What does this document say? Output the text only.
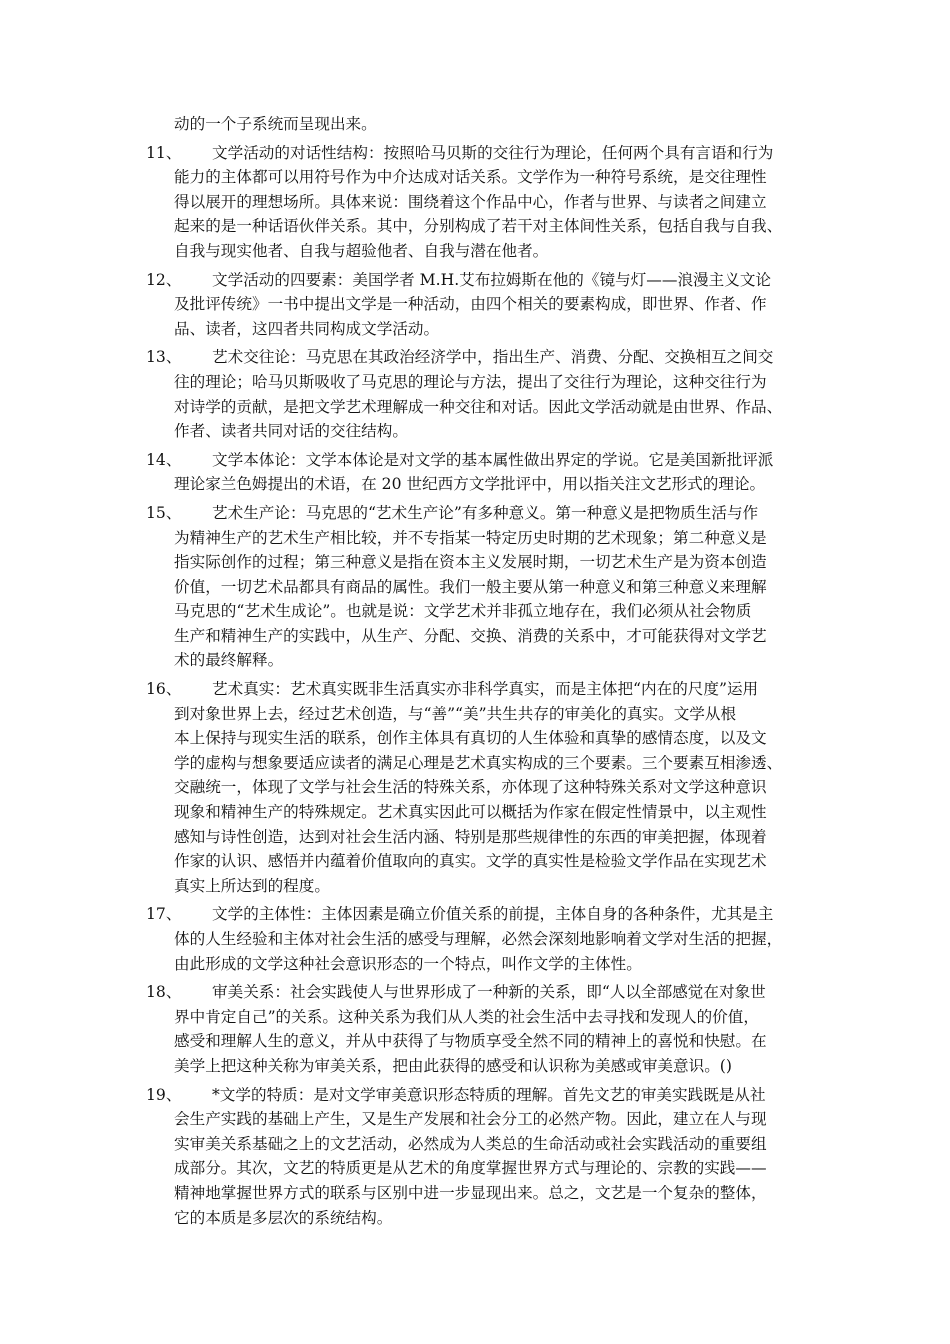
动的一个子系统而呈现出来。
11、 文学活动的对话性结构：按照哈马贝斯的交往行为理论，任何两个具有言语和行为
能力的主体都可以用符号作为中介达成对话关系。文学作为一种符号系统，是交往理性
得以展开的理想场所。具体来说：围绕着这个作品中心，作者与世界、与读者之间建立
起来的是一种话语伙伴关系。其中，分别构成了若干对主体间性关系，包括自我与自我、
自我与现实他者、自我与超验他者、自我与潜在他者。
12、 文学活动的四要素：美国学者 M.H.艾布拉姆斯在他的《镜与灯——浪漫主义文论
及批评传统》一书中提出文学是一种活动，由四个相关的要素构成，即世界、作者、作
品、读者，这四者共同构成文学活动。
13、 艺术交往论：马克思在其政治经济学中，指出生产、消费、分配、交换相互之间交
往的理论；哈马贝斯吸收了马克思的理论与方法，提出了交往行为理论，这种交往行为
对诗学的贡献，是把文学艺术理解成一种交往和对话。因此文学活动就是由世界、作品、
作者、读者共同对话的交往结构。
14、 文学本体论：文学本体论是对文学的基本属性做出界定的学说。它是美国新批评派
理论家兰色姆提出的术语，在 20 世纪西方文学批评中，用以指关注文艺形式的理论。
15、 艺术生产论：马克思的“艺术生产论”有多种意义。第一种意义是把物质生活与作
为精神生产的艺术生产相比较，并不专指某一特定历史时期的艺术现象；第二种意义是
指实际创作的过程；第三种意义是指在资本主义发展时期，一切艺术生产是为资本创造
价值，一切艺术品都具有商品的属性。我们一般主要从第一种意义和第三种意义来理解
马克思的“艺术生成论”。也就是说：文学艺术并非孤立地存在，我们必须从社会物质
生产和精神生产的实践中，从生产、分配、交换、消费的关系中，才可能获得对文学艺
术的最终解释。
16、 艺术真实：艺术真实既非生活真实亦非科学真实，而是主体把“内在的尺度”运用
到对象世界上去，经过艺术创造，与“善”“美”共生共存的审美化的真实。文学从根
本上保持与现实生活的联系，创作主体具有真切的人生体验和真挚的感情态度，以及文
学的虚构与想象要适应读者的满足心理是艺术真实构成的三个要素。三个要素互相渗透、
交融统一，体现了文学与社会生活的特殊关系，亦体现了这种特殊关系对文学这种意识
现象和精神生产的特殊规定。艺术真实因此可以概括为作家在假定性情景中，以主观性
感知与诗性创造，达到对社会生活内涵、特别是那些规律性的东西的审美把握，体现着
作家的认识、感悟并内蕴着价值取向的真实。文学的真实性是检验文学作品在实现艺术
真实上所达到的程度。
17、 文学的主体性：主体因素是确立价值关系的前提，主体自身的各种条件，尤其是主
体的人生经验和主体对社会生活的感受与理解，必然会深刻地影响着文学对生活的把握，
由此形成的文学这种社会意识形态的一个特点，叫作文学的主体性。
18、 审美关系：社会实践使人与世界形成了一种新的关系，即“人以全部感觉在对象世
界中肯定自己”的关系。这种关系为我们从人类的社会生活中去寻找和发现人的价值，
感受和理解人生的意义，并从中获得了与物质享受全然不同的精神上的喜悦和快慰。在
美学上把这种关称为审美关系，把由此获得的感受和认识称为美感或审美意识。()
19、 *文学的特质：是对文学审美意识形态特质的理解。首先文艺的审美实践既是从社
会生产实践的基础上产生，又是生产发展和社会分工的必然产物。因此，建立在人与现
实审美关系基础之上的文艺活动，必然成为人类总的生命活动或社会实践活动的重要组
成部分。其次，文艺的特质更是从艺术的角度掌握世界方式与理论的、宗教的实践——
精神地掌握世界方式的联系与区别中进一步显现出来。总之，文艺是一个复杂的整体，
它的本质是多层次的系统结构。
